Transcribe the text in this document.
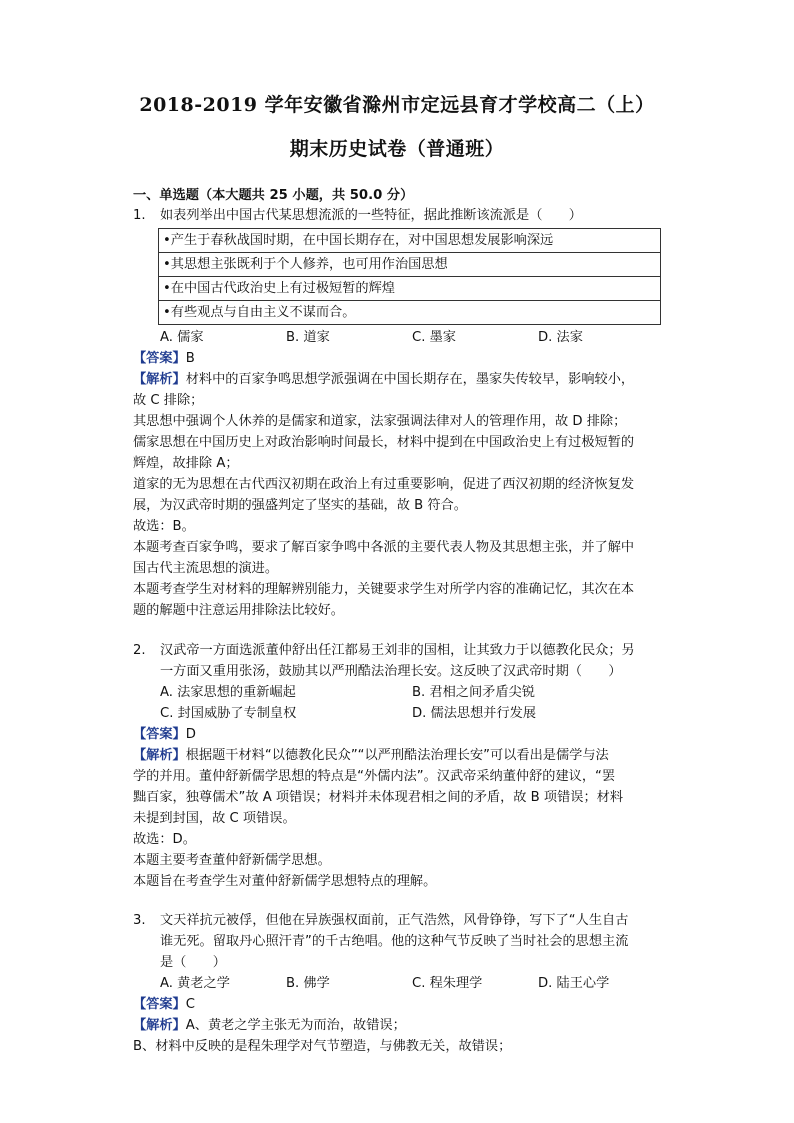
2018-2019 学年安徽省滁州市定远县育才学校高二（上）
期末历史试卷（普通班）
一、单选题（本大题共 25 小题，共 50.0 分）
1. 如表列举出中国古代某思想流派的一些特征，据此推断该流派是（　　）
•产生于春秋战国时期，在中国长期存在，对中国思想发展影响深远
•其思想主张既利于个人修养，也可用作治国思想
•在中国古代政治史上有过极短暂的辉煌
•有些观点与自由主义不谋而合。
A. 儒家	B. 道家	C. 墨家	D. 法家
【答案】B
【解析】材料中的百家争鸣思想学派强调在中国长期存在，墨家失传较早，影响较小，
故 C 排除；
其思想中强调个人休养的是儒家和道家，法家强调法律对人的管理作用，故 D 排除；
儒家思想在中国历史上对政治影响时间最长，材料中提到在中国政治史上有过极短暂的
辉煌，故排除 A；
道家的无为思想在古代西汉初期在政治上有过重要影响，促进了西汉初期的经济恢复发
展，为汉武帝时期的强盛判定了坚实的基础，故 B 符合。
故选：B。
本题考查百家争鸣，要求了解百家争鸣中各派的主要代表人物及其思想主张，并了解中
国古代主流思想的演进。
本题考查学生对材料的理解辨别能力，关键要求学生对所学内容的准确记忆，其次在本
题的解题中注意运用排除法比较好。
2. 汉武帝一方面选派董仲舒出任江都易王刘非的国相，让其致力于以德教化民众；另
一方面又重用张汤，鼓励其以严刑酷法治理长安。这反映了汉武帝时期（　　）
A. 法家思想的重新崛起	B. 君相之间矛盾尖锐
C. 封国威胁了专制皇权	D. 儒法思想并行发展
【答案】D
【解析】根据题干材料“以德教化民众”“以严刑酷法治理长安”可以看出是儒学与法
学的并用。董仲舒新儒学思想的特点是“外儒内法”。汉武帝采纳董仲舒的建议，“罢
黜百家，独尊儒术”故 A 项错误；材料并未体现君相之间的矛盾，故 B 项错误；材料
未提到封国，故 C 项错误。
故选：D。
本题主要考查董仲舒新儒学思想。
本题旨在考查学生对董仲舒新儒学思想特点的理解。
3. 文天祥抗元被俘，但他在异族强权面前，正气浩然，风骨铮铮，写下了“人生自古
谁无死。留取丹心照汗青”的千古绝唱。他的这种气节反映了当时社会的思想主流
是（　　）
A. 黄老之学	B. 佛学	C. 程朱理学	D. 陆王心学
【答案】C
【解析】A、黄老之学主张无为而治，故错误；
B、材料中反映的是程朱理学对气节塑造，与佛教无关，故错误；
